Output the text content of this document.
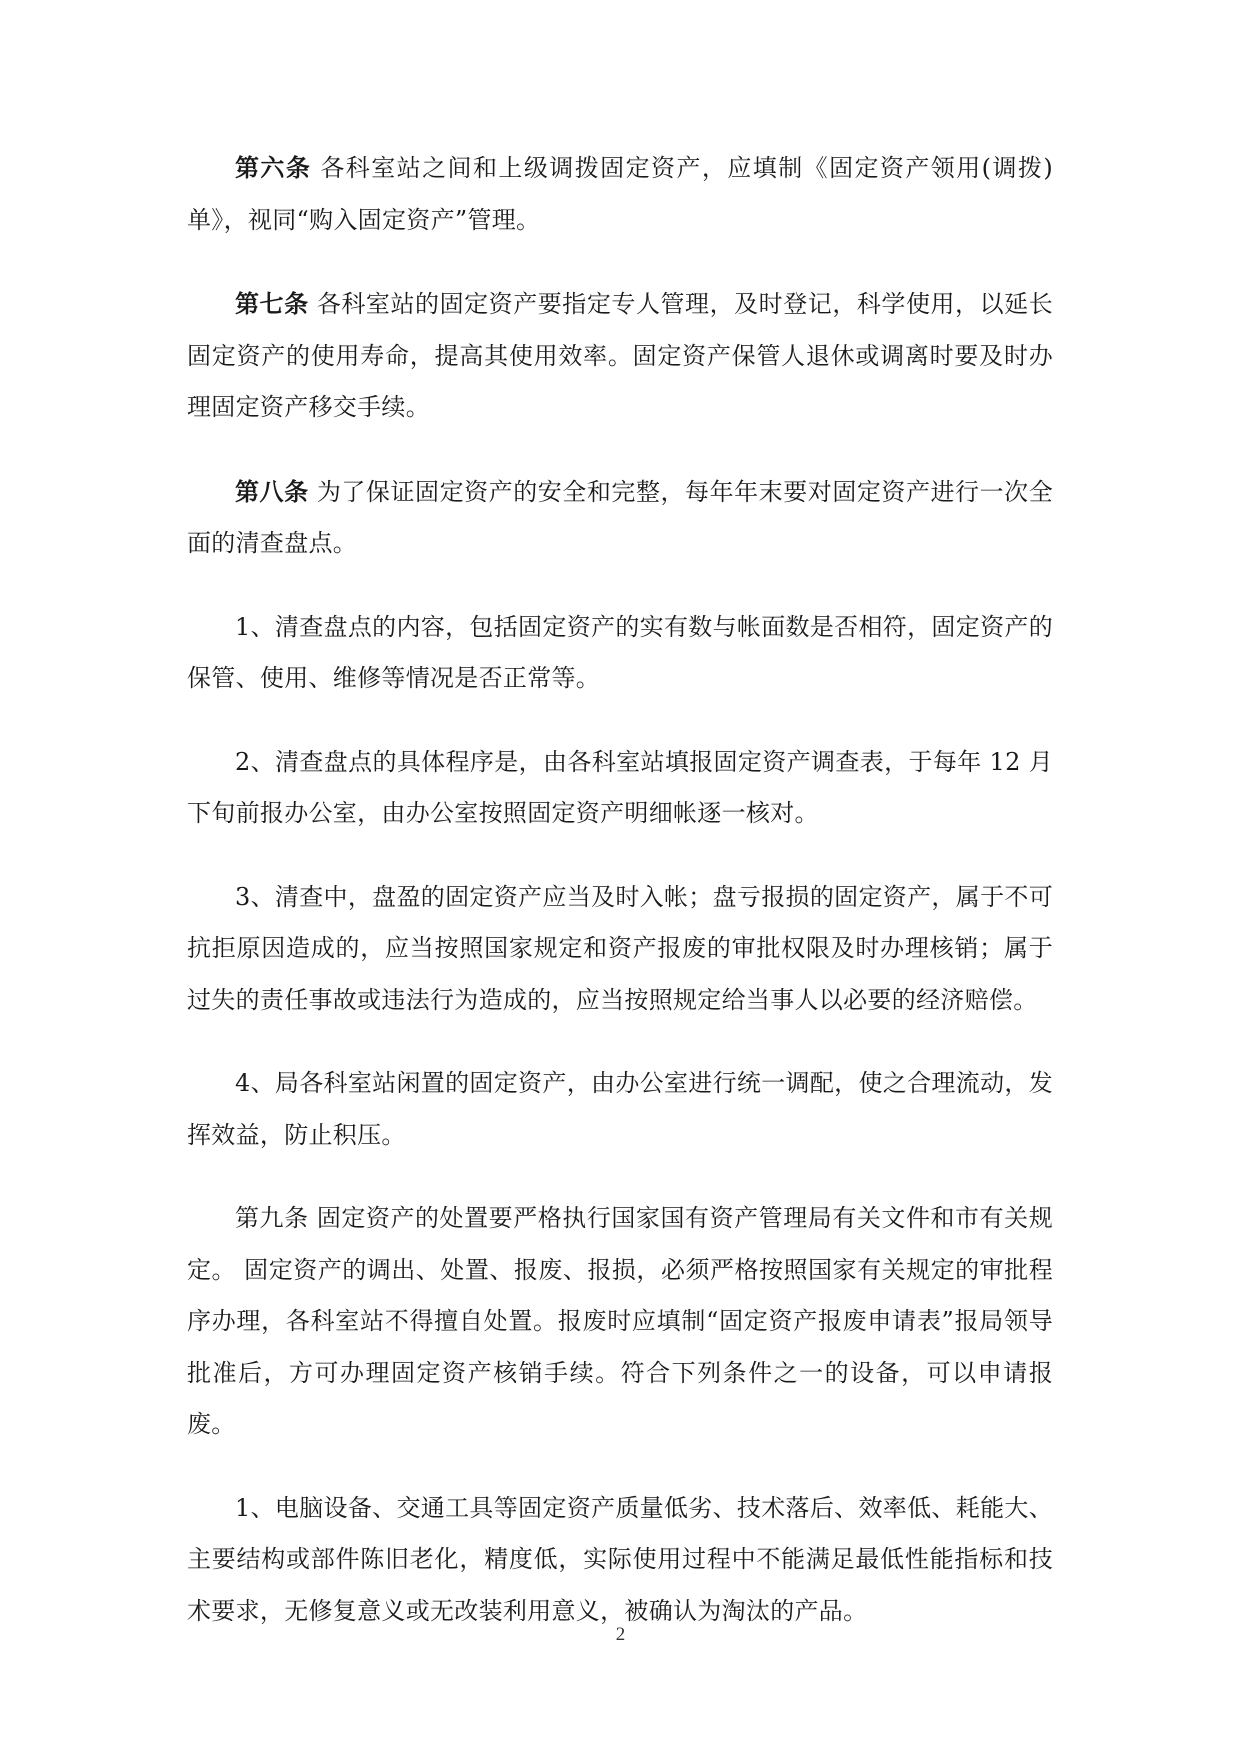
第六条 各科室站之间和上级调拨固定资产，应填制《固定资产领用(调拨)单》，视同“购入固定资产”管理。

第七条 各科室站的固定资产要指定专人管理，及时登记，科学使用，以延长固定资产的使用寿命，提高其使用效率。固定资产保管人退休或调离时要及时办理固定资产移交手续。

第八条 为了保证固定资产的安全和完整，每年年末要对固定资产进行一次全面的清查盘点。

1、清查盘点的内容，包括固定资产的实有数与帐面数是否相符，固定资产的保管、使用、维修等情况是否正常等。

2、清查盘点的具体程序是，由各科室站填报固定资产调查表，于每年 12 月下旬前报办公室，由办公室按照固定资产明细帐逐一核对。

3、清查中，盘盈的固定资产应当及时入帐；盘亏报损的固定资产，属于不可抗拒原因造成的，应当按照国家规定和资产报废的审批权限及时办理核销；属于过失的责任事故或违法行为造成的，应当按照规定给当事人以必要的经济赔偿。

4、局各科室站闲置的固定资产，由办公室进行统一调配，使之合理流动，发挥效益，防止积压。

第九条 固定资产的处置要严格执行国家国有资产管理局有关文件和市有关规定。 固定资产的调出、处置、报废、报损，必须严格按照国家有关规定的审批程序办理，各科室站不得擅自处置。报废时应填制“固定资产报废申请表”报局领导批准后，方可办理固定资产核销手续。符合下列条件之一的设备，可以申请报废。

1、电脑设备、交通工具等固定资产质量低劣、技术落后、效率低、耗能大、主要结构或部件陈旧老化，精度低，实际使用过程中不能满足最低性能指标和技术要求，无修复意义或无改装利用意义，被确认为淘汰的产品。

2
